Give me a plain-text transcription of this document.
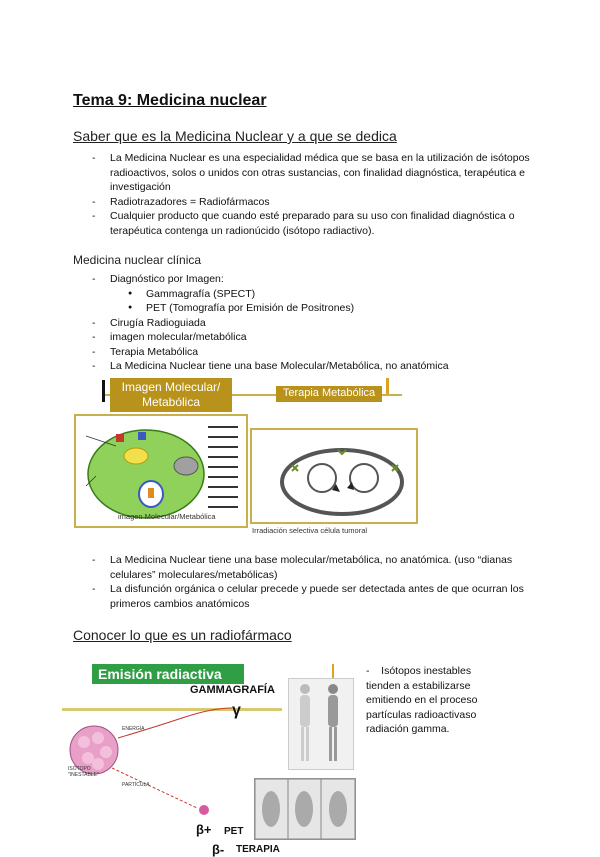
Tema 9: Medicina nuclear
Saber que es la Medicina Nuclear y a que se dedica
- La Medicina Nuclear es una especialidad médica que se basa en la utilización de isótopos radioactivos, solos o unidos con otras sustancias, con finalidad diagnóstica, terapéutica e investigación
- Radiotrazadores = Radiofármacos
- Cualquier producto que cuando esté preparado para su uso con finalidad diagnóstica o terapéutica contenga un radionúcido (isótopo radiactivo).
Medicina nuclear clínica
- Diagnóstico por Imagen:
● Gammagrafía (SPECT)
● PET (Tomografía por Emisión de Positrones)
- Cirugía Radioguiada
- imagen molecular/metabólica
- Terapia Metabólica
- La Medicina Nuclear tiene una base Molecular/Metabólica, no anatómica
Imagen Molecular/ Metabólica
Terapia Metabólica
imagen Molecular/Metabólica
Irradiación selectiva célula tumoral
- La Medicina Nuclear tiene una base molecular/metabólica, no anatómica. (uso “dianas celulares” moleculares/metabólicas)
- La disfunción orgánica o celular precede y puede ser detectada antes de que ocurran los primeros cambios anatómicos
Conocer lo que es un radiofármaco
Emisión radiactiva
GAMMAGRAFÍA
γ
ENERGÍA
PARTÍCULA
ISÓTOPO "INESTABLE"
β+ PET
β- TERAPIA
-    Isótopos inestables tienden a estabilizarse emitiendo en el proceso partículas radioactivaso radiación gamma.
